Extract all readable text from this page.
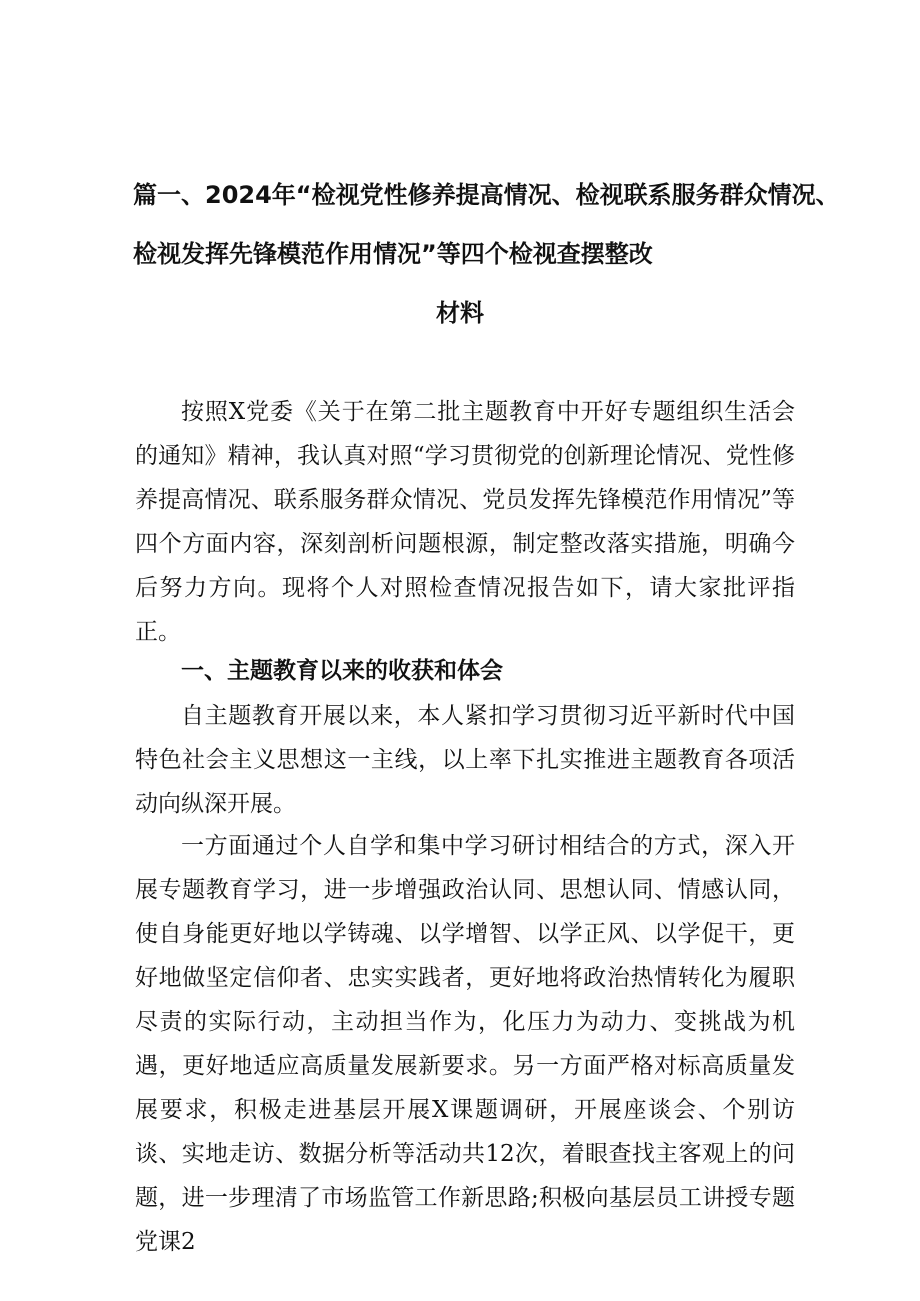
篇一、2024年“检视党性修养提高情况、检视联系服务群众情况、
检视发挥先锋模范作用情况”等四个检视查摆整改
材料

按照X党委《关于在第二批主题教育中开好专题组织生活会的通知》精神，我认真对照“学习贯彻党的创新理论情况、党性修养提高情况、联系服务群众情况、党员发挥先锋模范作用情况”等四个方面内容，深刻剖析问题根源，制定整改落实措施，明确今后努力方向。现将个人对照检查情况报告如下，请大家批评指正。

一、主题教育以来的收获和体会

自主题教育开展以来，本人紧扣学习贯彻习近平新时代中国特色社会主义思想这一主线，以上率下扎实推进主题教育各项活动向纵深开展。

一方面通过个人自学和集中学习研讨相结合的方式，深入开展专题教育学习，进一步增强政治认同、思想认同、情感认同，使自身能更好地以学铸魂、以学增智、以学正风、以学促干，更好地做坚定信仰者、忠实实践者，更好地将政治热情转化为履职尽责的实际行动，主动担当作为，化压力为动力、变挑战为机遇，更好地适应高质量发展新要求。另一方面严格对标高质量发展要求，积极走进基层开展X课题调研，开展座谈会、个别访谈、实地走访、数据分析等活动共12次，着眼查找主客观上的问题，进一步理清了市场监管工作新思路;积极向基层员工讲授专题党课2
